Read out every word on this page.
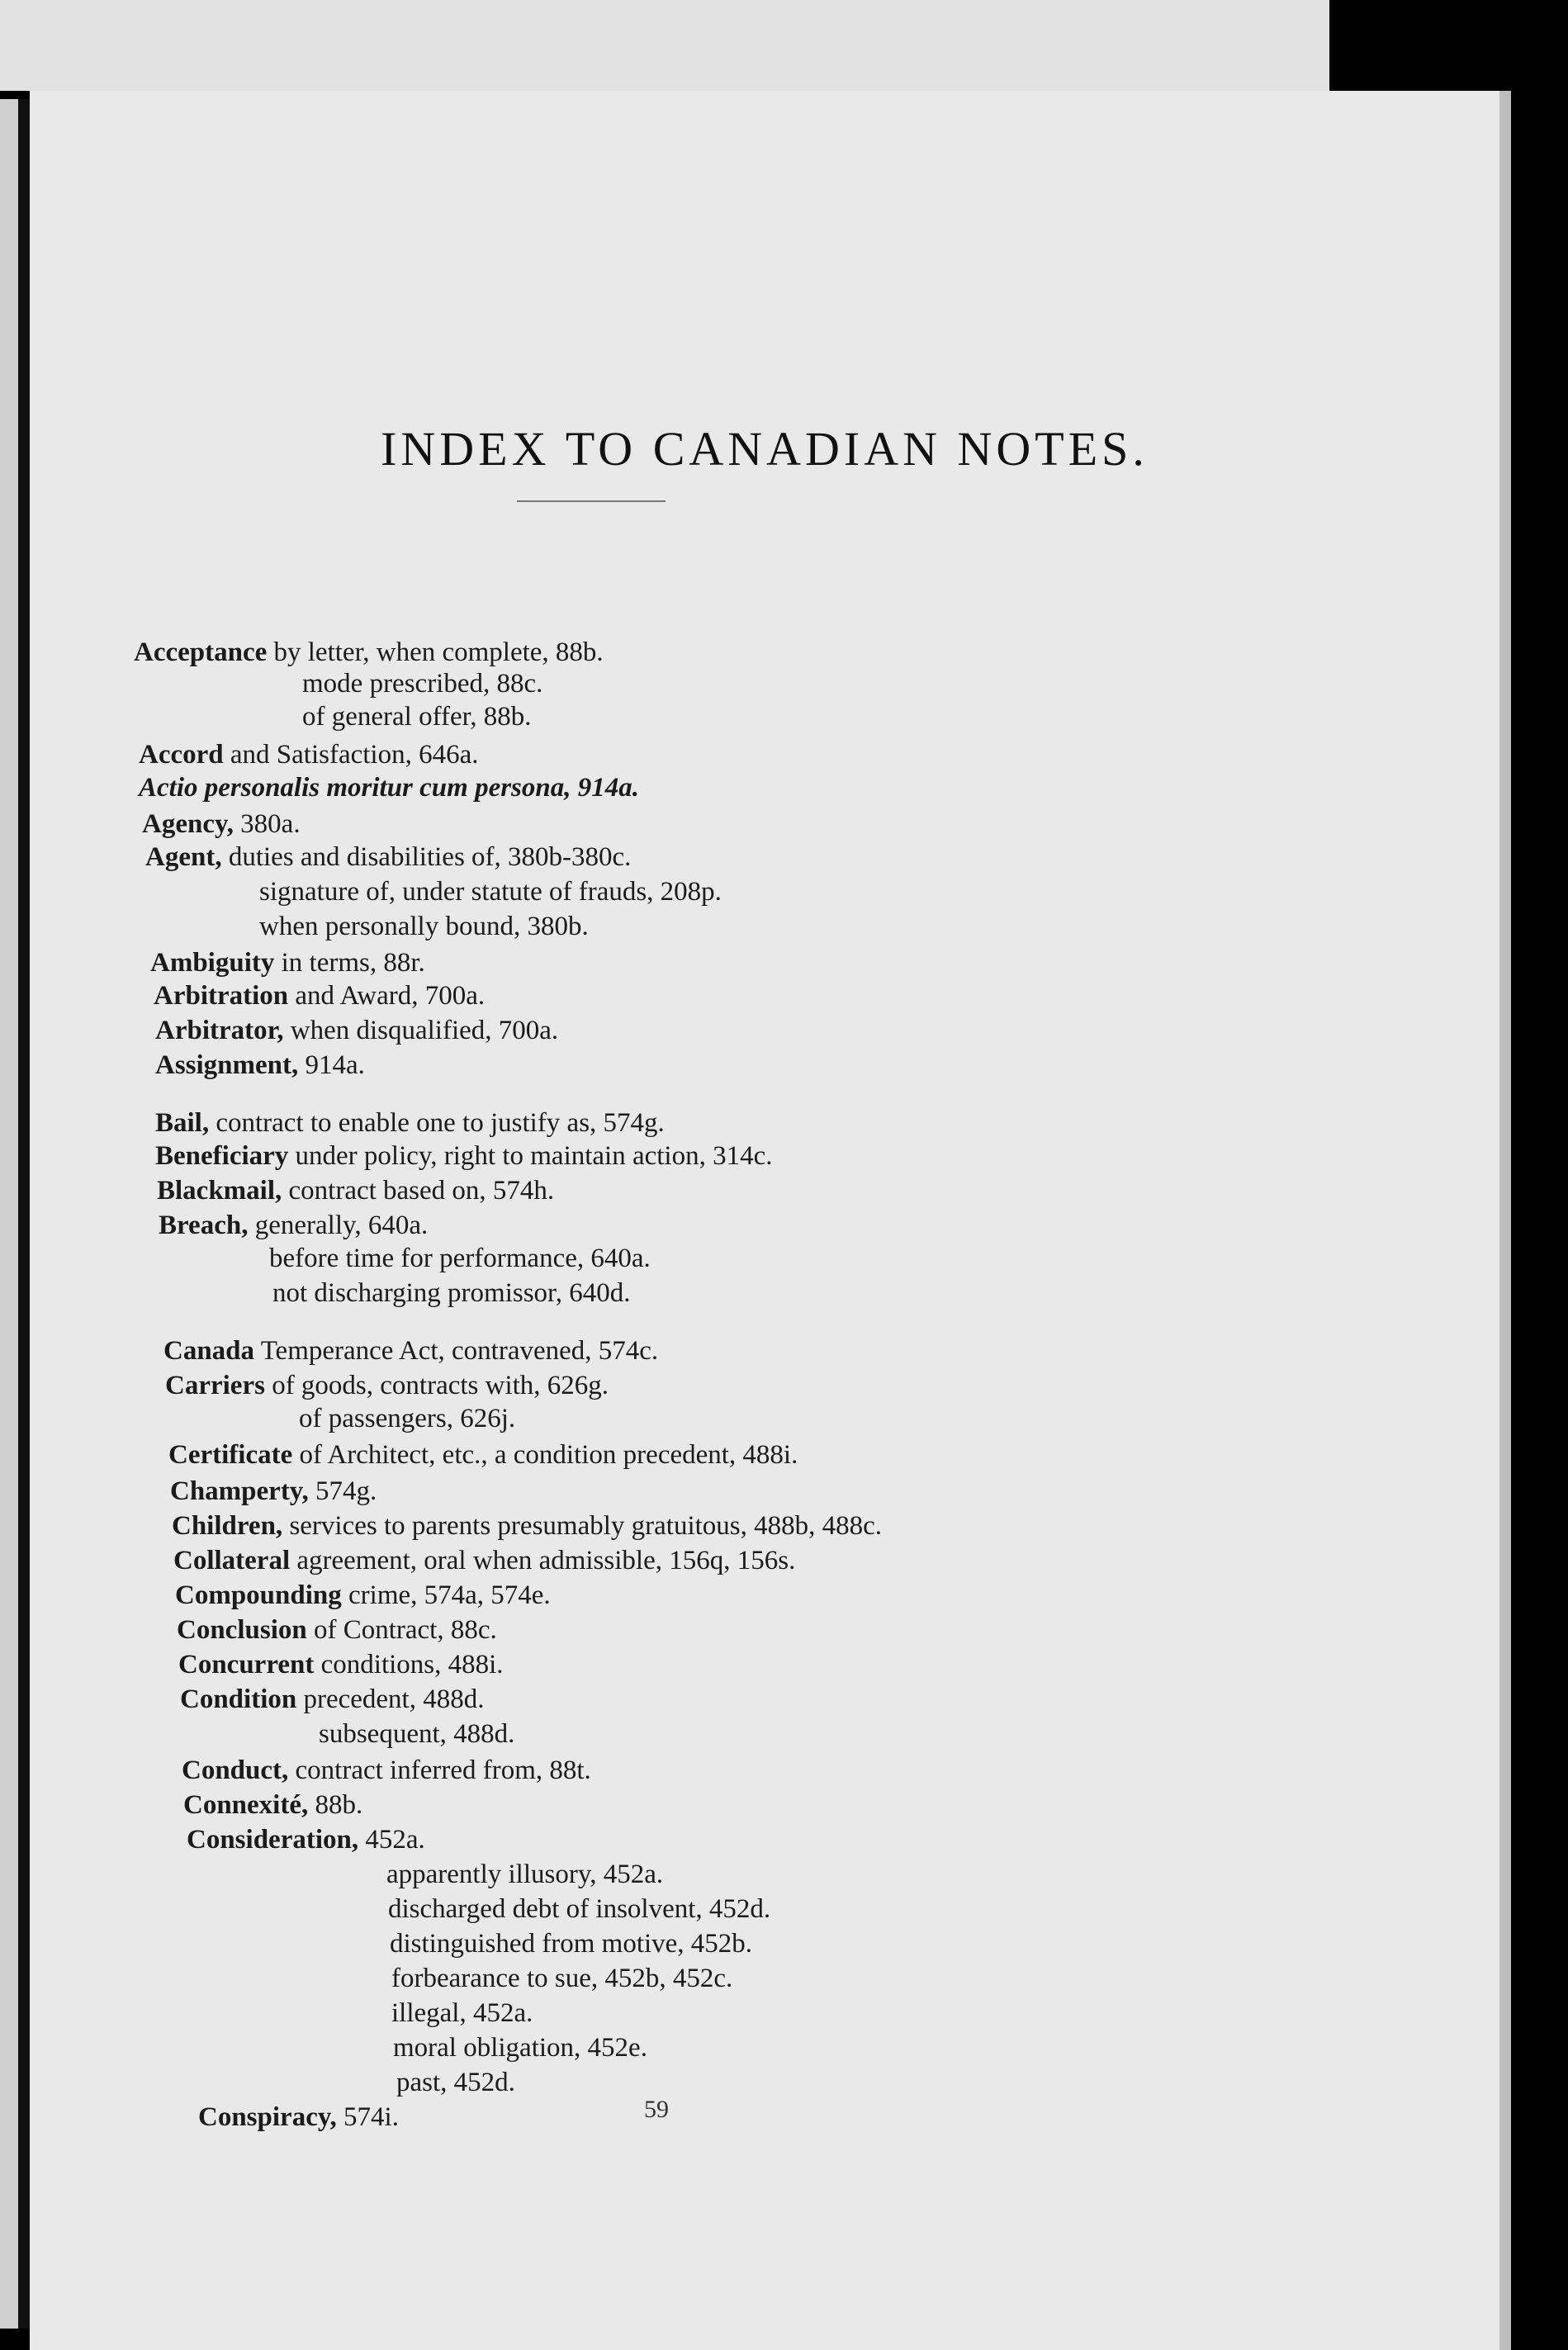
INDEX TO CANADIAN NOTES.
Acceptance by letter, when complete, 88b.
mode prescribed, 88c.
of general offer, 88b.
Accord and Satisfaction, 646a.
Actio personalis moritur cum persona, 914a.
Agency, 380a.
Agent, duties and disabilities of, 380b-380c.
signature of, under statute of frauds, 208p.
when personally bound, 380b.
Ambiguity in terms, 88r.
Arbitration and Award, 700a.
Arbitrator, when disqualified, 700a.
Assignment, 914a.
Bail, contract to enable one to justify as, 574g.
Beneficiary under policy, right to maintain action, 314c.
Blackmail, contract based on, 574h.
Breach, generally, 640a.
before time for performance, 640a.
not discharging promissor, 640d.
Canada Temperance Act, contravened, 574c.
Carriers of goods, contracts with, 626g.
of passengers, 626j.
Certificate of Architect, etc., a condition precedent, 488i.
Champerty, 574g.
Children, services to parents presumably gratuitous, 488b, 488c.
Collateral agreement, oral when admissible, 156q, 156s.
Compounding crime, 574a, 574e.
Conclusion of Contract, 88c.
Concurrent conditions, 488i.
Condition precedent, 488d.
subsequent, 488d.
Conduct, contract inferred from, 88t.
Connexité, 88b.
Consideration, 452a.
apparently illusory, 452a.
discharged debt of insolvent, 452d.
distinguished from motive, 452b.
forbearance to sue, 452b, 452c.
illegal, 452a.
moral obligation, 452e.
past, 452d.
Conspiracy, 574i.	59
